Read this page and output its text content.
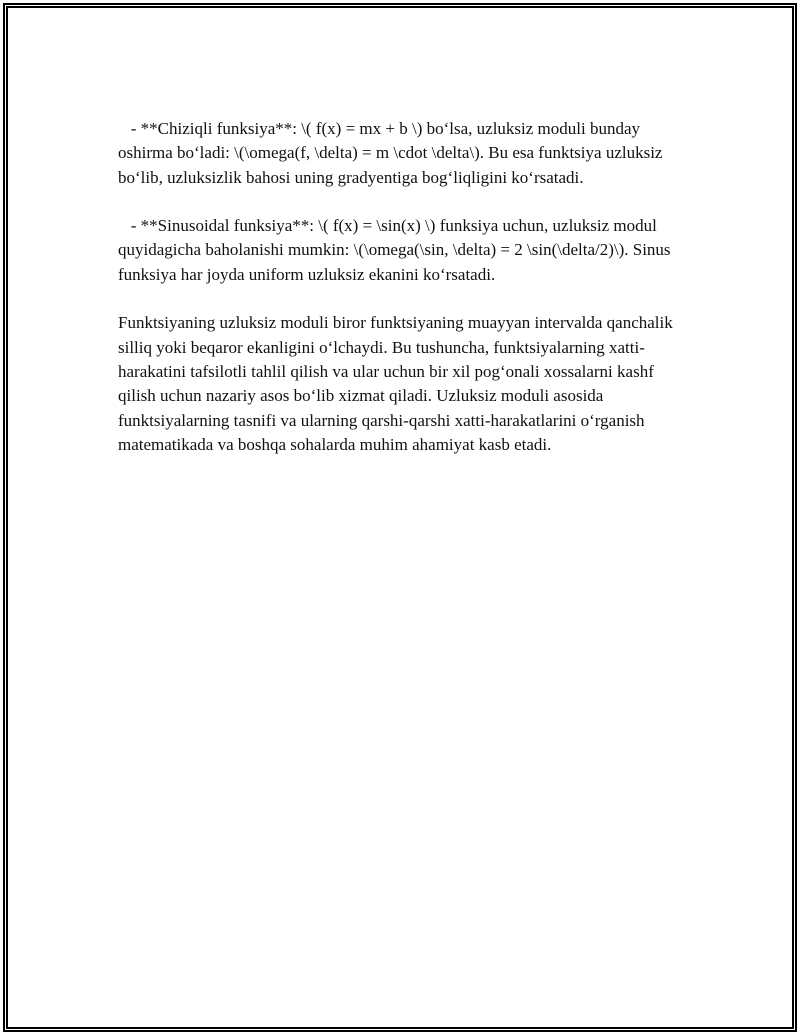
- **Chiziqli funksiya**: \( f(x) = mx + b \) bo‘lsa, uzluksiz moduli bunday oshirma bo‘ladi: \(\omega(f, \delta) = m \cdot \delta\). Bu esa funktsiya uzluksiz bo‘lib, uzluksizlik bahosi uning gradyentiga bog‘liqligini ko‘rsatadi.

- **Sinusoidal funksiya**: \( f(x) = \sin(x) \) funksiya uchun, uzluksiz modul quyidagicha baholanishi mumkin: \(\omega(\sin, \delta) = 2 \sin(\delta/2)\). Sinus funksiya har joyda uniform uzluksiz ekanini ko‘rsatadi.

Funktsiyaning uzluksiz moduli biror funktsiyaning muayyan intervalda qanchalik silliq yoki beqaror ekanligini o‘lchaydi. Bu tushuncha, funktsiyalarning xatti-harakatini tafsilotli tahlil qilish va ular uchun bir xil pog‘onali xossalarni kashf qilish uchun nazariy asos bo‘lib xizmat qiladi. Uzluksiz moduli asosida funktsiyalarning tasnifi va ularning qarshi-qarshi xatti-harakatlarini o‘rganish matematikada va boshqa sohalarda muhim ahamiyat kasb etadi.
